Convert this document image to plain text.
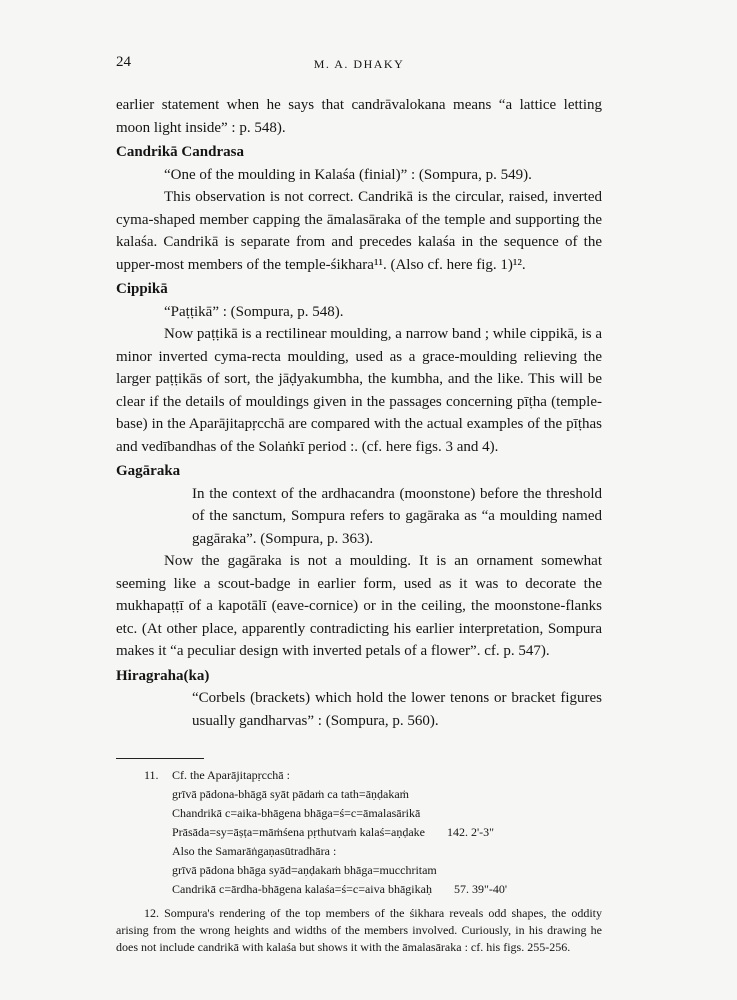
24	M. A. DHAKY

earlier statement when he says that candrāvalokana means “a lattice letting moon light inside” : p. 548).

Candrikā Candrasa

“One of the moulding in Kalaśa (finial)” : (Sompura, p. 549).

This observation is not correct. Candrikā is the circular, raised, inverted cyma-shaped member capping the āmalasāraka of the temple and supporting the kalaśa. Candrikā is separate from and precedes kalaśa in the sequence of the upper-most members of the temple-śikhara¹¹. (Also cf. here fig. 1)¹².

Cippikā

“Paṭṭikā” : (Sompura, p. 548).

Now paṭṭikā is a rectilinear moulding, a narrow band ; while cippikā, is a minor inverted cyma-recta moulding, used as a grace-moulding relieving the larger paṭṭikās of sort, the jāḍyakumbha, the kumbha, and the like. This will be clear if the details of mouldings given in the passages concerning pīṭha (temple-base) in the Aparājitapṛcchā are compared with the actual examples of the pīṭhas and vedībandhas of the Solaṅkī period :. (cf. here figs. 3 and 4).

Gagāraka

In the context of the ardhacandra (moonstone) before the threshold of the sanctum, Sompura refers to gagāraka as “a moulding named gagāraka”. (Sompura, p. 363).

Now the gagāraka is not a moulding. It is an ornament somewhat seeming like a scout-badge in earlier form, used as it was to decorate the mukhapaṭṭī of a kapotālī (eave-cornice) or in the ceiling, the moonstone-flanks etc. (At other place, apparently contradicting his earlier interpretation, Sompura makes it “a peculiar design with inverted petals of a flower”. cf. p. 547).

Hiragraha(ka)

“Corbels (brackets) which hold the lower tenons or bracket figures usually gandharvas” : (Sompura, p. 560).

11. Cf. the Aparājitapṛcchā :
grīvā pādona-bhāgā syāt pādaṁ ca tath=āṇḍakaṁ
Chandrikā c=aika-bhāgena bhāga=ś=c=āmalasārikā
Prāsāda=sy=āṣṭa=māṁśena pṛthutvaṁ kalaś=aṇḍake 142. 2'-3"
Also the Samarāṅgaṇasūtradhāra :
grīvā pādona bhāga syād=aṇḍakaṁ bhāga=mucchritam
Candrikā c=ārdha-bhāgena kalaśa=ś=c=aiva bhāgikaḥ 57. 39"-40'

12. Sompura's rendering of the top members of the śikhara reveals odd shapes, the oddity arising from the wrong heights and widths of the members involved. Curiously, in his drawing he does not include candrikā with kalaśa but shows it with the āmalasāraka : cf. his figs. 255-256.
